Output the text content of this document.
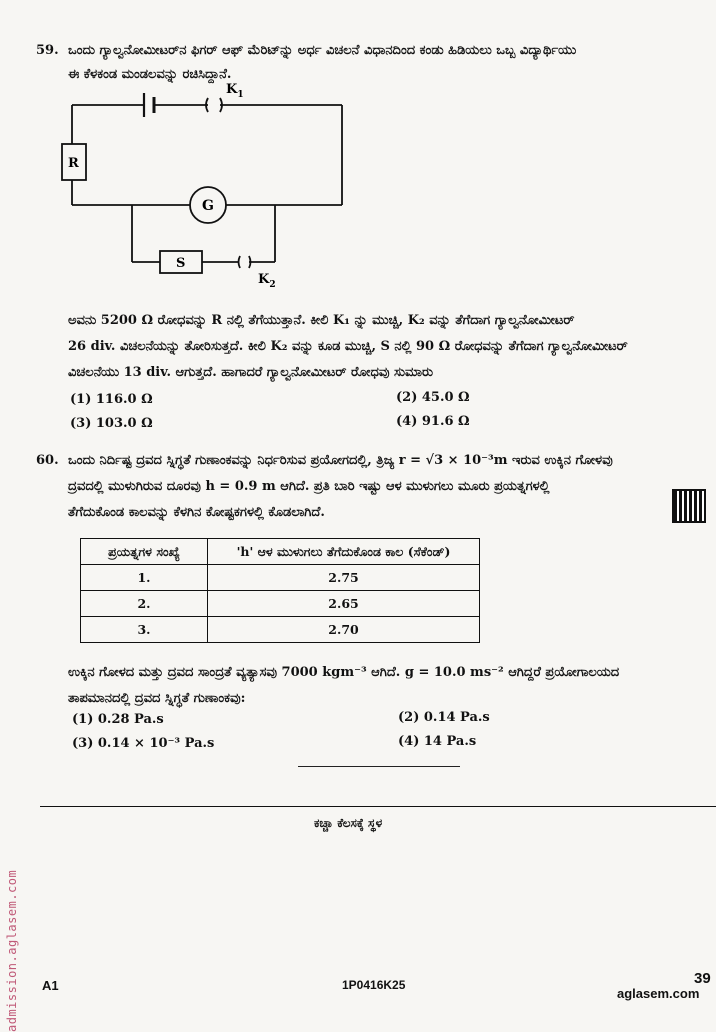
59. ಒಂದು ಗ್ಯಾಲ್ವನೋಮೀಟರ್‌ನ ಫಿಗರ್ ಆಫ್ ಮೆರಿಟ್‌ನ್ನು ಅರ್ಧ ವಿಚಲನೆ ವಿಧಾನದಿಂದ ಕಂಡು ಹಿಡಿಯಲು ಒಬ್ಬ ವಿದ್ಯಾರ್ಥಿಯು
ಈ ಕೆಳಕಂಡ ಮಂಡಲವನ್ನು ರಚಿಸಿದ್ದಾನೆ.
R
G
S
$K_1$
$K_2$
ಅವನು 5200 Ω ರೋಧವನ್ನು R ನಲ್ಲಿ ತೆಗೆಯುತ್ತಾನೆ. ಕೀಲಿ K₁ ನ್ನು ಮುಚ್ಚಿ, K₂ ವನ್ನು ತೆಗೆದಾಗ ಗ್ಯಾಲ್ವನೋಮೀಟರ್
26 div. ವಿಚಲನೆಯನ್ನು ತೋರಿಸುತ್ತದೆ. ಕೀಲಿ K₂ ವನ್ನು ಕೂಡ ಮುಚ್ಚಿ, S ನಲ್ಲಿ 90 Ω ರೋಧವನ್ನು ತೆಗೆದಾಗ ಗ್ಯಾಲ್ವನೋಮೀಟರ್
ವಿಚಲನೆಯು 13 div. ಆಗುತ್ತದೆ. ಹಾಗಾದರೆ ಗ್ಯಾಲ್ವನೋಮೀಟರ್ ರೋಧವು ಸುಮಾರು
(1) 116.0 Ω	(2) 45.0 Ω
(3) 103.0 Ω	(4) 91.6 Ω
60. ಒಂದು ನಿರ್ದಿಷ್ಟ ದ್ರವದ ಸ್ನಿಗ್ಧತೆ ಗುಣಾಂಕವನ್ನು ನಿರ್ಧರಿಸುವ ಪ್ರಯೋಗದಲ್ಲಿ, ತ್ರಿಜ್ಯ r = √3 × 10⁻³m ಇರುವ ಉಕ್ಕಿನ ಗೋಳವು
ದ್ರವದಲ್ಲಿ ಮುಳುಗಿರುವ ದೂರವು h = 0.9 m ಆಗಿದೆ. ಪ್ರತಿ ಬಾರಿ ಇಷ್ಟು ಆಳ ಮುಳುಗಲು ಮೂರು ಪ್ರಯತ್ನಗಳಲ್ಲಿ
ತೆಗೆದುಕೊಂಡ ಕಾಲವನ್ನು ಕೆಳಗಿನ ಕೋಷ್ಟಕಗಳಲ್ಲಿ ಕೊಡಲಾಗಿದೆ.
ಪ್ರಯತ್ನಗಳ ಸಂಖ್ಯೆ	'h' ಆಳ ಮುಳುಗಲು ತೆಗೆದುಕೊಂಡ ಕಾಲ (ಸೆಕೆಂಡ್)
1.	2.75
2.	2.65
3.	2.70
ಉಕ್ಕಿನ ಗೋಳದ ಮತ್ತು ದ್ರವದ ಸಾಂದ್ರತೆ ವ್ಯತ್ಯಾಸವು 7000 kgm⁻³ ಆಗಿದೆ. g = 10.0 ms⁻² ಆಗಿದ್ದರೆ ಪ್ರಯೋಗಾಲಯದ
ತಾಪಮಾನದಲ್ಲಿ ದ್ರವದ ಸ್ನಿಗ್ಧತೆ ಗುಣಾಂಕವು:
(1) 0.28 Pa.s	(2) 0.14 Pa.s
(3) 0.14 × 10⁻³ Pa.s	(4) 14 Pa.s
ಕಚ್ಚಾ ಕೆಲಸಕ್ಕೆ ಸ್ಥಳ
admission.aglasem.com A1	1P0416K25	39
aglasem.com
